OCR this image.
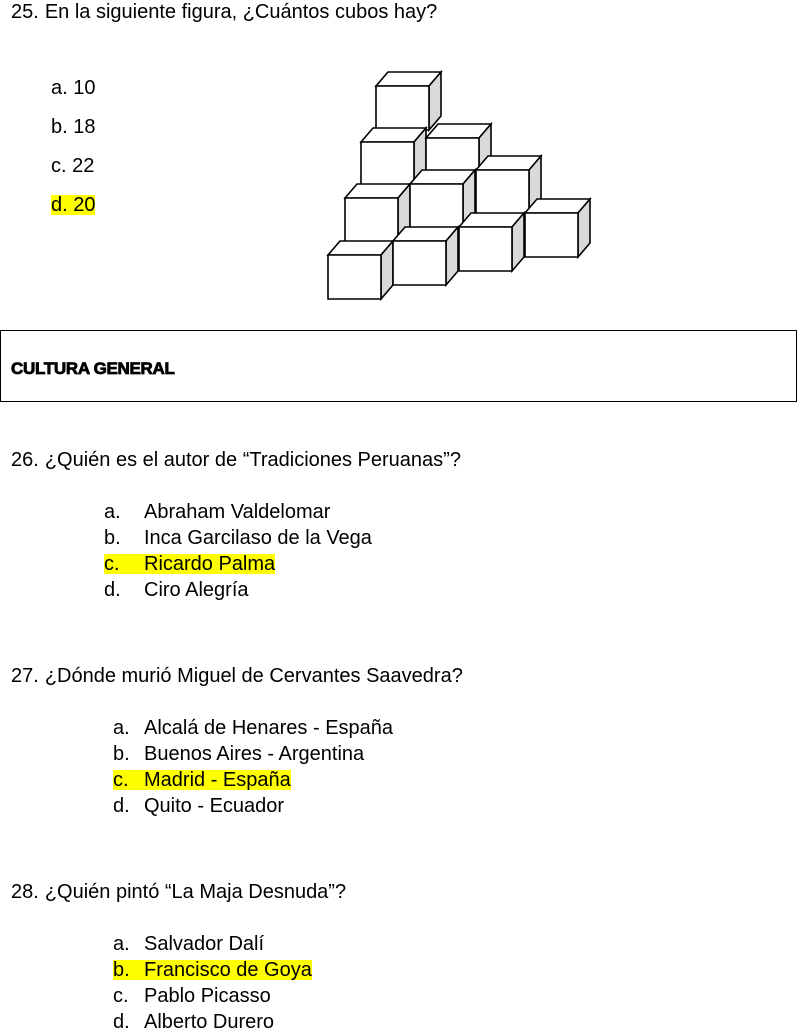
25. En la siguiente figura, ¿Cuántos cubos hay?
a. 10
b. 18
c. 22
d. 20
CULTURA GENERAL
26. ¿Quién es el autor de “Tradiciones Peruanas”?
a. Abraham Valdelomar
b. Inca Garcilaso de la Vega
c. Ricardo Palma
d. Ciro Alegría
27. ¿Dónde murió Miguel de Cervantes Saavedra?
a. Alcalá de Henares - España
b. Buenos Aires - Argentina
c. Madrid - España
d. Quito - Ecuador
28. ¿Quién pintó “La Maja Desnuda”?
a. Salvador Dalí
b. Francisco de Goya
c. Pablo Picasso
d. Alberto Durero
